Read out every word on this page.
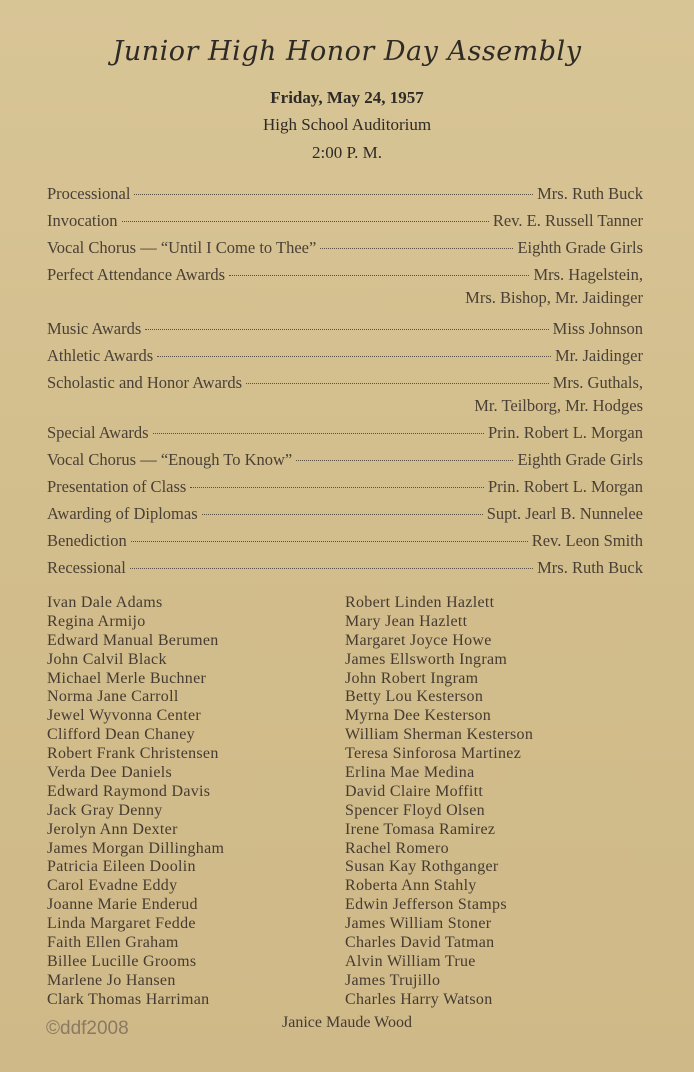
Junior High Honor Day Assembly
Friday, May 24, 1957
High School Auditorium
2:00 P. M.
Processional	Mrs. Ruth Buck
Invocation	Rev. E. Russell Tanner
Vocal Chorus — “Until I Come to Thee”	Eighth Grade Girls
Perfect Attendance Awards	Mrs. Hagelstein,
Mrs. Bishop, Mr. Jaidinger
Music Awards	Miss Johnson
Athletic Awards	Mr. Jaidinger
Scholastic and Honor Awards	Mrs. Guthals,
Mr. Teilborg, Mr. Hodges
Special Awards	Prin. Robert L. Morgan
Vocal Chorus — “Enough To Know”	Eighth Grade Girls
Presentation of Class	Prin. Robert L. Morgan
Awarding of Diplomas	Supt. Jearl B. Nunnelee
Benediction	Rev. Leon Smith
Recessional	Mrs. Ruth Buck
Ivan Dale Adams
Regina Armijo
Edward Manual Berumen
John Calvil Black
Michael Merle Buchner
Norma Jane Carroll
Jewel Wyvonna Center
Clifford Dean Chaney
Robert Frank Christensen
Verda Dee Daniels
Edward Raymond Davis
Jack Gray Denny
Jerolyn Ann Dexter
James Morgan Dillingham
Patricia Eileen Doolin
Carol Evadne Eddy
Joanne Marie Enderud
Linda Margaret Fedde
Faith Ellen Graham
Billee Lucille Grooms
Marlene Jo Hansen
Clark Thomas Harriman
Robert Linden Hazlett
Mary Jean Hazlett
Margaret Joyce Howe
James Ellsworth Ingram
John Robert Ingram
Betty Lou Kesterson
Myrna Dee Kesterson
William Sherman Kesterson
Teresa Sinforosa Martinez
Erlina Mae Medina
David Claire Moffitt
Spencer Floyd Olsen
Irene Tomasa Ramirez
Rachel Romero
Susan Kay Rothganger
Roberta Ann Stahly
Edwin Jefferson Stamps
James William Stoner
Charles David Tatman
Alvin William True
James Trujillo
Charles Harry Watson
Janice Maude Wood
©ddf2008
